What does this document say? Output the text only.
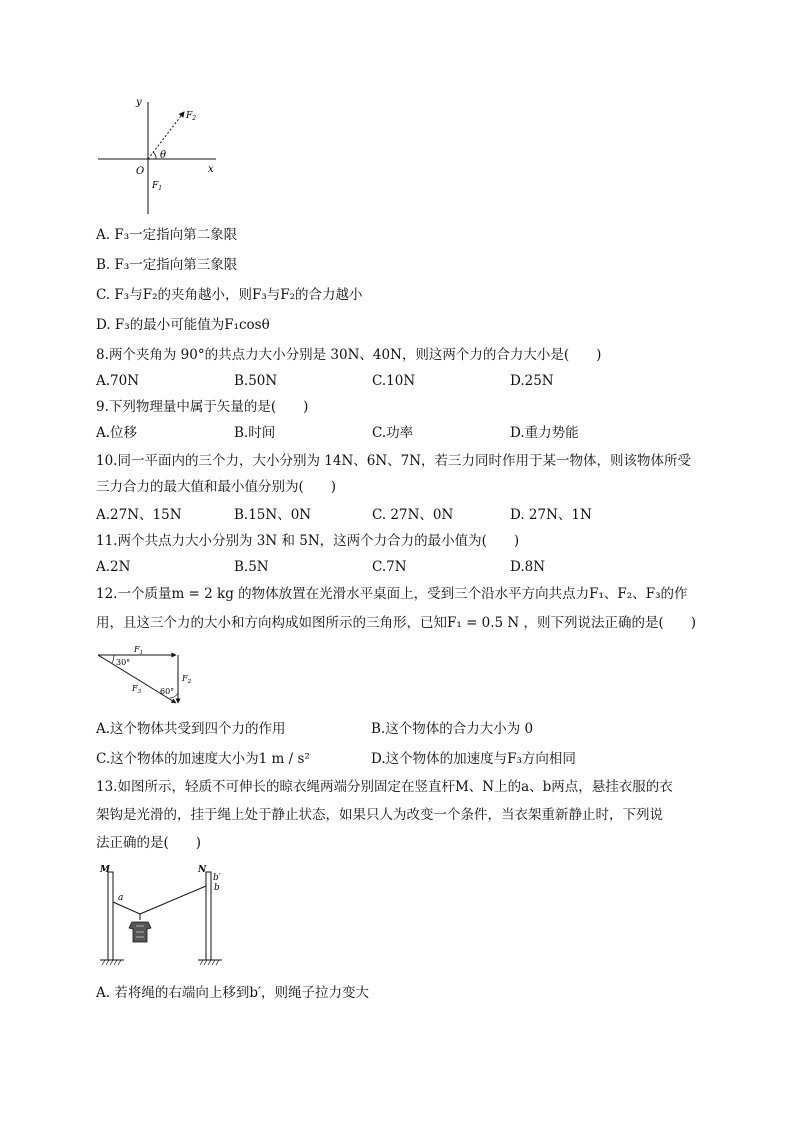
y
x
O
θ
$F_2$
$F_1$
A. F₃一定指向第二象限
B. F₃一定指向第三象限
C. F₃与F₂的夹角越小，则F₃与F₂的合力越小
D. F₃的最小可能值为F₁cosθ
8.两个夹角为 90°的共点力大小分别是 30N、40N，则这两个力的合力大小是(　　)
A.70N	B.50N	C.10N	D.25N
9.下列物理量中属于矢量的是(　　)
A.位移	B.时间	C.功率	D.重力势能
10.同一平面内的三个力，大小分别为 14N、6N、7N，若三力同时作用于某一物体，则该物体所受
三力合力的最大值和最小值分别为(　　)
A.27N、15N	B.15N、0N	C. 27N、0N	D. 27N、1N
11.两个共点力大小分别为 3N 和 5N，这两个力合力的最小值为(　　)
A.2N	B.5N	C.7N	D.8N
12.一个质量m = 2 kg 的物体放置在光滑水平桌面上，受到三个沿水平方向共点力F₁、F₂、F₃的作
用，且这三个力的大小和方向构成如图所示的三角形，已知F₁ = 0.5 N ，则下列说法正确的是(　　)
$F_1$
$F_2$
$F_3$
30°
60°
A.这个物体共受到四个力的作用	B.这个物体的合力大小为 0
C.这个物体的加速度大小为1 m / s²	D.这个物体的加速度与F₃方向相同
13.如图所示，轻质不可伸长的晾衣绳两端分别固定在竖直杆M、N上的a、b两点，悬挂衣服的衣
架钩是光滑的，挂于绳上处于静止状态，如果只人为改变一个条件，当衣架重新静止时，下列说
法正确的是(　　)
M	N
a
b
b′
A. 若将绳的右端向上移到b′，则绳子拉力变大
